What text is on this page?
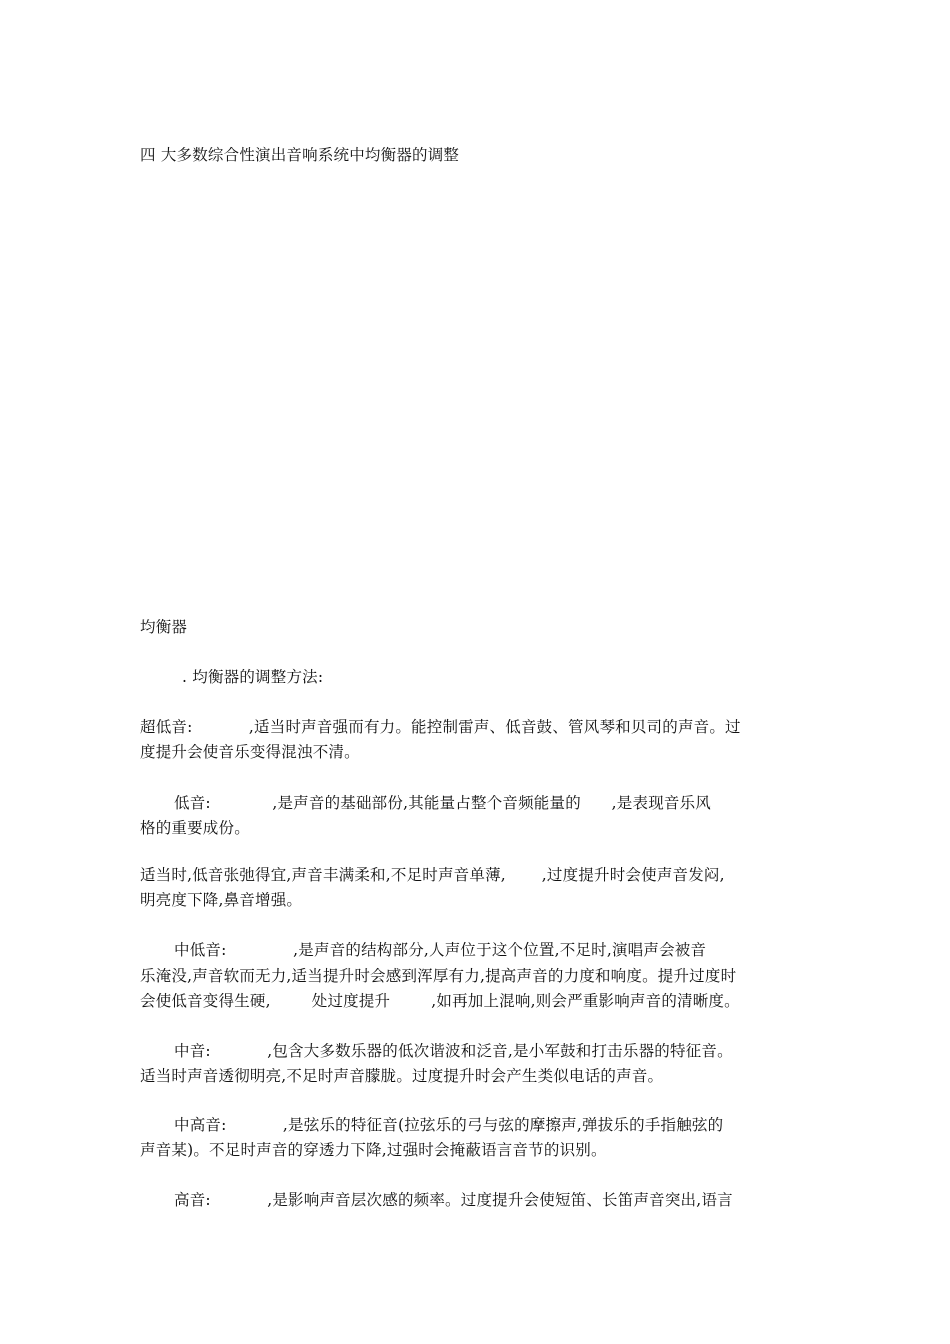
四 大多数综合性演出音响系统中均衡器的调整
均衡器
. 均衡器的调整方法:
超低音:           ,适当时声音强而有力。能控制雷声、低音鼓、管风琴和贝司的声音。过
度提升会使音乐变得混浊不清。
低音:            ,是声音的基础部份,其能量占整个音频能量的      ,是表现音乐风
格的重要成份。
适当时,低音张弛得宜,声音丰满柔和,不足时声音单薄,       ,过度提升时会使声音发闷,
明亮度下降,鼻音增强。
中低音:             ,是声音的结构部分,人声位于这个位置,不足时,演唱声会被音
乐淹没,声音软而无力,适当提升时会感到浑厚有力,提高声音的力度和响度。提升过度时
会使低音变得生硬,        处过度提升        ,如再加上混响,则会严重影响声音的清晰度。
中音:           ,包含大多数乐器的低次谐波和泛音,是小军鼓和打击乐器的特征音。
适当时声音透彻明亮,不足时声音朦胧。过度提升时会产生类似电话的声音。
中高音:           ,是弦乐的特征音(拉弦乐的弓与弦的摩擦声,弹拔乐的手指触弦的
声音某)。不足时声音的穿透力下降,过强时会掩蔽语言音节的识别。
高音:           ,是影响声音层次感的频率。过度提升会使短笛、长笛声音突出,语言
